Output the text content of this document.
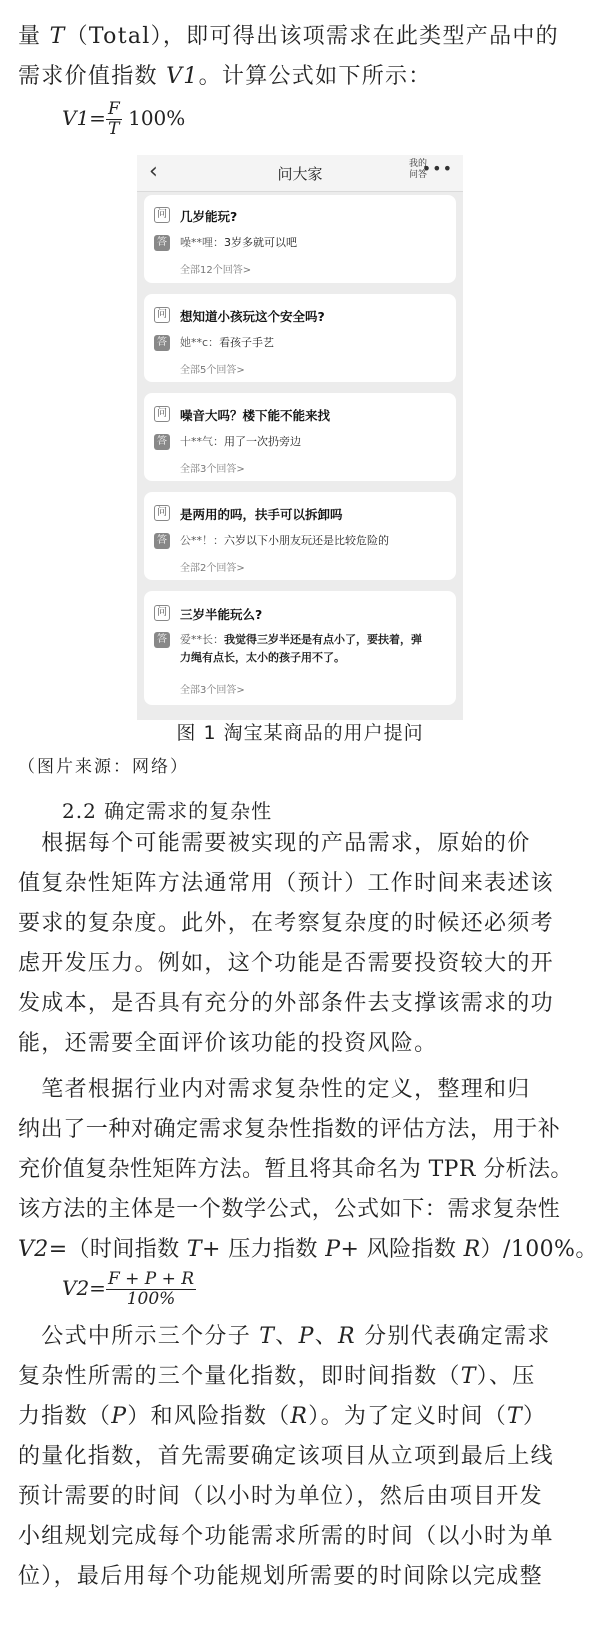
量 T（Total），即可得出该项需求在此类型产品中的
需求价值指数 V1。计算公式如下所示：
$V1= \frac{F}{T} 100\%$
‹	问大家
我的
问答
•••
问 几岁能玩?
答 噪**哩：3岁多就可以吧
全部12个回答>
问 想知道小孩玩这个安全吗?
答 她**c：看孩子手艺
全部5个回答>
问 噪音大吗？楼下能不能来找
答 十**气：用了一次扔旁边
全部3个回答>
问 是两用的吗，扶手可以拆卸吗
答 公**！：六岁以下小朋友玩还是比较危险的
全部2个回答>
问 三岁半能玩么?
答 爱**长：我觉得三岁半还是有点小了，要扶着，弹
力绳有点长，太小的孩子用不了。
全部3个回答>
图 1 淘宝某商品的用户提问
（图片来源：网络）
2.2 确定需求的复杂性
　根据每个可能需要被实现的产品需求，原始的价
值复杂性矩阵方法通常用（预计）工作时间来表述该
要求的复杂度。此外，在考察复杂度的时候还必须考
虑开发压力。例如，这个功能是否需要投资较大的开
发成本，是否具有充分的外部条件去支撑该需求的功
能，还需要全面评价该功能的投资风险。
　笔者根据行业内对需求复杂性的定义，整理和归
纳出了一种对确定需求复杂性指数的评估方法，用于补
充价值复杂性矩阵方法。暂且将其命名为 TPR 分析法。
该方法的主体是一个数学公式，公式如下：需求复杂性
V2=（时间指数 T+ 压力指数 P+ 风险指数 R）/100%。
$V2= \frac{F + P + R}{100\%}$
　公式中所示三个分子 T、P、R 分别代表确定需求
复杂性所需的三个量化指数，即时间指数（T）、压
力指数（P）和风险指数（R）。为了定义时间（T）
的量化指数，首先需要确定该项目从立项到最后上线
预计需要的时间（以小时为单位），然后由项目开发
小组规划完成每个功能需求所需的时间（以小时为单
位），最后用每个功能规划所需要的时间除以完成整
